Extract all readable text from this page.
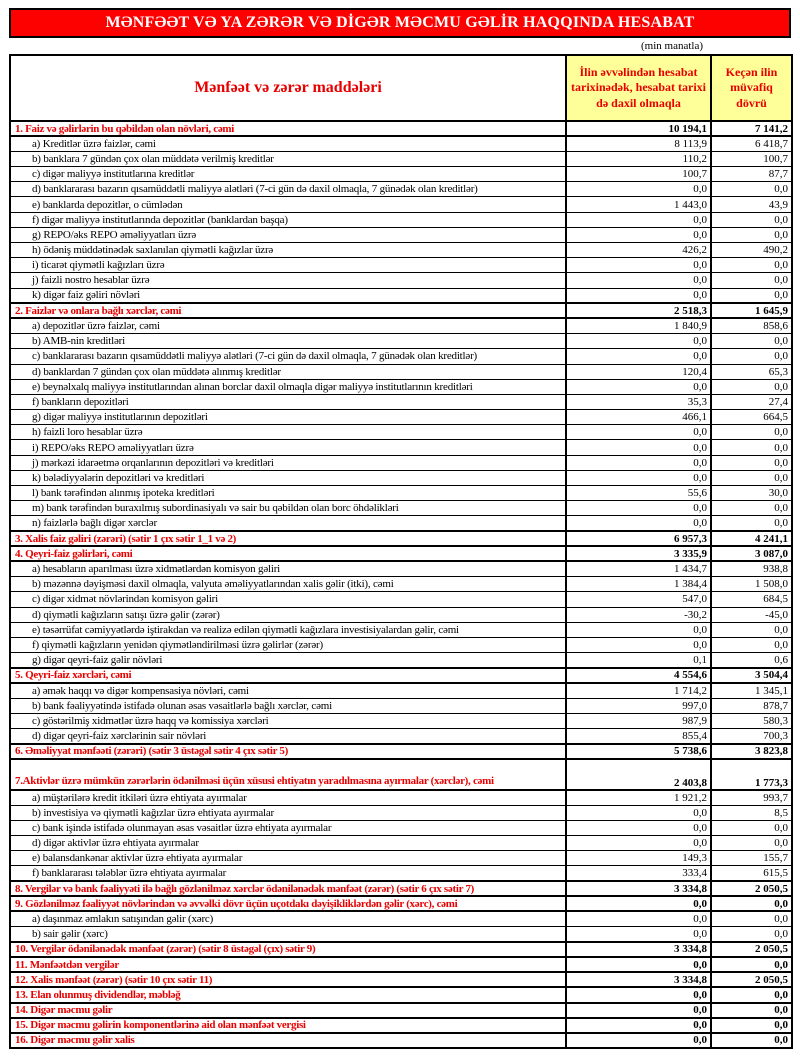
MƏNFƏƏT VƏ YA ZƏRƏR VƏ DİGƏR MƏCMU GƏLİR HAQQINDA HESABAT
(min manatla)
Mənfəət və zərər maddələri	İlin əvvəlindən hesabat tarixinədək, hesabat tarixi də daxil olmaqla	Keçən ilin müvafiq dövrü
1. Faiz və gəlirlərin bu qəbildən olan növləri, cəmi	10 194,1	7 141,2
a) Kreditlər üzrə faizlər, cəmi	8 113,9	6 418,7
b) banklara 7 gündən çox olan müddətə verilmiş kreditlər	110,2	100,7
c) digər maliyyə institutlarına kreditlər	100,7	87,7
d) banklararası bazarın qısamüddətli maliyyə alətləri (7-ci gün də daxil olmaqla, 7 günədək olan kreditlər)	0,0	0,0
e) banklarda depozitlər, o cümlədən	1 443,0	43,9
f) digər maliyyə institutlarında depozitlər (banklardan başqa)	0,0	0,0
g) REPO/əks REPO əməliyyatları üzrə	0,0	0,0
h) ödəniş müddətinədək saxlanılan qiymətli kağızlar üzrə	426,2	490,2
i) ticarət qiymətli kağızları üzrə	0,0	0,0
j) faizli nostro hesablar üzrə	0,0	0,0
k) digər faiz gəliri növləri	0,0	0,0
2. Faizlər və onlara bağlı xərclər, cəmi	2 518,3	1 645,9
a) depozitlər üzrə faizlər, cəmi	1 840,9	858,6
b) AMB-nin kreditləri	0,0	0,0
c) banklararası bazarın qısamüddətli maliyyə alətləri (7-ci gün də daxil olmaqla, 7 günədək olan kreditlər)	0,0	0,0
d) banklardan 7 gündən çox olan müddətə alınmış kreditlər	120,4	65,3
e) beynəlxalq maliyyə institutlarından alınan borclar daxil olmaqla digər maliyyə institutlarının kreditləri	0,0	0,0
f) bankların depozitləri	35,3	27,4
g) digər maliyyə institutlarının depozitləri	466,1	664,5
h) faizli loro hesablar üzrə	0,0	0,0
i) REPO/əks REPO əməliyyatları üzrə	0,0	0,0
j) mərkəzi idarəetmə orqanlarının depozitləri və kreditləri	0,0	0,0
k) bələdiyyələrin depozitləri və kreditləri	0,0	0,0
l) bank tərəfindən alınmış ipoteka kreditləri	55,6	30,0
m) bank tərəfindən buraxılmış subordinasiyalı və sair bu qəbildən olan borc öhdəlikləri	0,0	0,0
n) faizlərlə bağlı digər xərclər	0,0	0,0
3. Xalis faiz gəliri (zərəri) (sətir 1 çıx sətir 1_1 və 2)	6 957,3	4 241,1
4. Qeyri-faiz gəlirləri, cəmi	3 335,9	3 087,0
a) hesabların aparılması üzrə xidmətlərdən komisyon gəliri	1 434,7	938,8
b) məzənnə dəyişməsi daxil olmaqla, valyuta əməliyyatlarından xalis gəlir (itki), cəmi	1 384,4	1 508,0
c) digər xidmət növlərindən komisyon gəliri	547,0	684,5
d) qiymətli kağızların satışı üzrə gəlir (zərər)	-30,2	-45,0
e) təsərrüfat cəmiyyətlərdə iştirakdan və realizə edilən qiymətli kağızlara investisiyalardan gəlir, cəmi	0,0	0,0
f) qiymətli kağızların yenidən qiymətləndirilməsi üzrə gəlirlər (zərər)	0,0	0,0
g) digər qeyri-faiz gəlir növləri	0,1	0,6
5. Qeyri-faiz xərcləri, cəmi	4 554,6	3 504,4
a) əmək haqqı və digər kompensasiya növləri, cəmi	1 714,2	1 345,1
b) bank fəaliyyətində istifadə olunan əsas vəsaitlərlə bağlı xərclər, cəmi	997,0	878,7
c) göstərilmiş xidmətlər üzrə haqq və komissiya xərcləri	987,9	580,3
d) digər qeyri-faiz xərclərinin sair növləri	855,4	700,3
6. Əməliyyat mənfəəti (zərəri) (sətir 3 üstəgəl sətir 4 çıx sətir 5)	5 738,6	3 823,8
7.Aktivlər üzrə mümkün zərərlərin ödənilməsi üçün xüsusi ehtiyatın yaradılmasına ayırmalar (xərclər), cəmi	2 403,8	1 773,3
a) müştərilərə kredit itkiləri üzrə ehtiyata ayırmalar	1 921,2	993,7
b) investisiya və qiymətli kağızlar üzrə ehtiyata ayırmalar	0,0	8,5
c) bank işində istifadə olunmayan əsas vəsaitlər üzrə ehtiyata ayırmalar	0,0	0,0
d) digər aktivlər üzrə ehtiyata ayırmalar	0,0	0,0
e) balansdankənar aktivlər üzrə ehtiyata ayırmalar	149,3	155,7
f) banklararası tələblər üzrə ehtiyata ayırmalar	333,4	615,5
8. Vergilər və bank fəaliyyəti ilə bağlı gözlənilməz xərclər ödənilənədək mənfəət (zərər) (sətir 6 çıx sətir 7)	3 334,8	2 050,5
9. Gözlənilməz fəaliyyət növlərindən və əvvəlki dövr üçün uçotdakı dəyişikliklərdən gəlir (xərc), cəmi	0,0	0,0
a) daşınmaz əmlakın satışından gəlir (xərc)	0,0	0,0
b) sair gəlir (xərc)	0,0	0,0
10. Vergilər ödənilənədək mənfəət (zərər) (sətir 8 üstəgəl (çıx) sətir 9)	3 334,8	2 050,5
11. Mənfəətdən vergilər	0,0	0,0
12. Xalis mənfəət (zərər) (sətir 10 çıx sətir 11)	3 334,8	2 050,5
13. Elan olunmuş dividendlər, məbləğ	0,0	0,0
14. Digər məcmu gəlir	0,0	0,0
15. Digər məcmu gəlirin komponentlərinə aid olan mənfəət vergisi	0,0	0,0
16. Digər məcmu gəlir xalis	0,0	0,0
